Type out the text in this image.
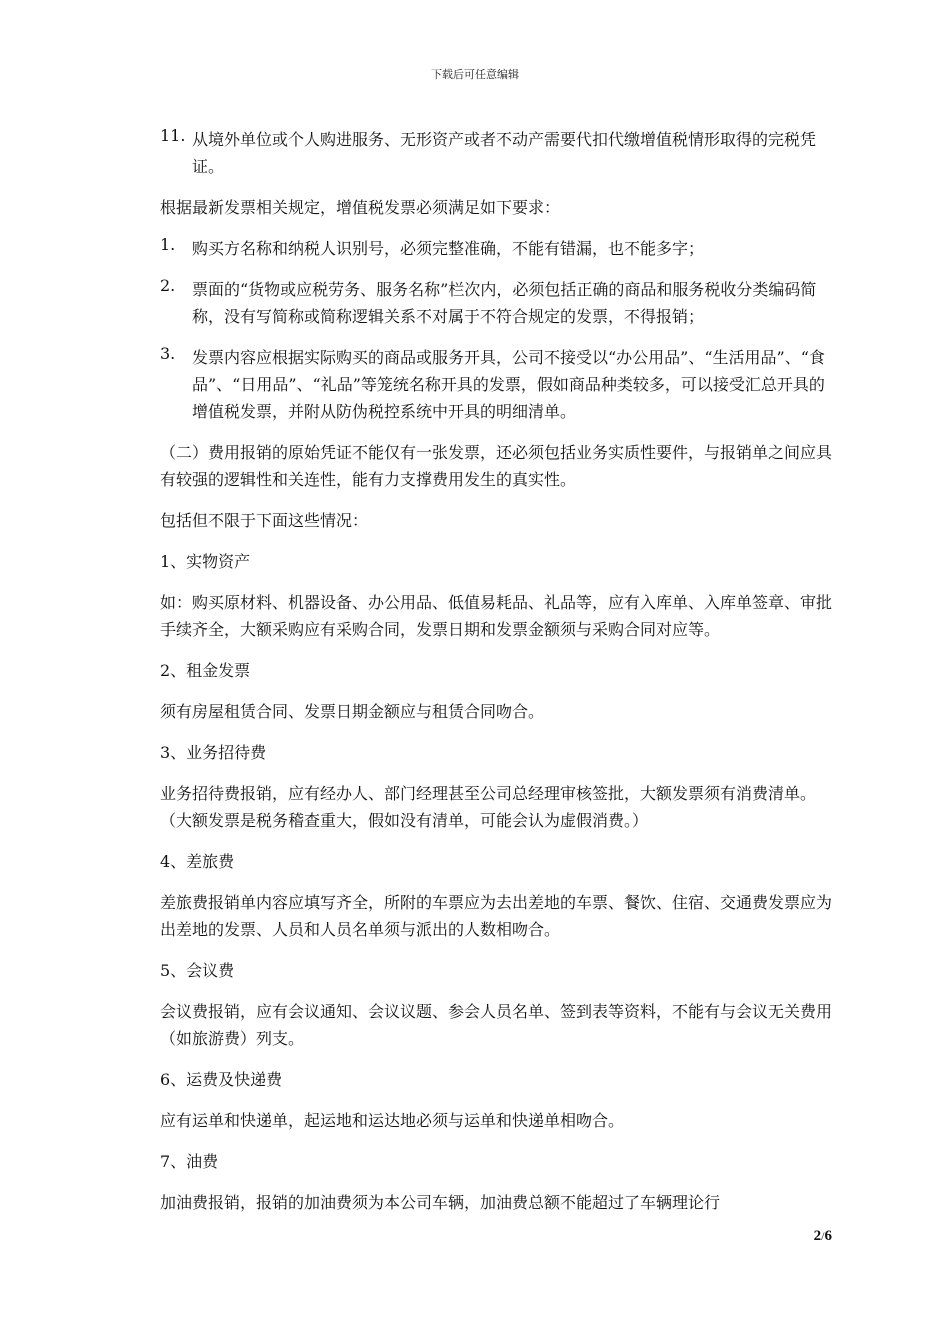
下载后可任意编辑
11. 从境外单位或个人购进服务、无形资产或者不动产需要代扣代缴增值税情形取得的完税凭证。

根据最新发票相关规定，增值税发票必须满足如下要求：

1.	购买方名称和纳税人识别号，必须完整准确，不能有错漏，也不能多字；

2.	票面的“货物或应税劳务、服务名称”栏次内，必须包括正确的商品和服务税收分类编码简称，没有写简称或简称逻辑关系不对属于不符合规定的发票，不得报销；

3.	发票内容应根据实际购买的商品或服务开具，公司不接受以“办公用品”、“生活用品”、“食品”、“日用品”、“礼品”等笼统名称开具的发票，假如商品种类较多，可以接受汇总开具的增值税发票，并附从防伪税控系统中开具的明细清单。

（二）费用报销的原始凭证不能仅有一张发票，还必须包括业务实质性要件，与报销单之间应具有较强的逻辑性和关连性，能有力支撑费用发生的真实性。

包括但不限于下面这些情况：

1、实物资产

如：购买原材料、机器设备、办公用品、低值易耗品、礼品等，应有入库单、入库单签章、审批手续齐全，大额采购应有采购合同，发票日期和发票金额须与采购合同对应等。

2、租金发票

须有房屋租赁合同、发票日期金额应与租赁合同吻合。

3、业务招待费

业务招待费报销，应有经办人、部门经理甚至公司总经理审核签批，大额发票须有消费清单。（大额发票是税务稽查重大，假如没有清单，可能会认为虚假消费。）

4、差旅费

差旅费报销单内容应填写齐全，所附的车票应为去出差地的车票、餐饮、住宿、交通费发票应为出差地的发票、人员和人员名单须与派出的人数相吻合。

5、会议费

会议费报销，应有会议通知、会议议题、参会人员名单、签到表等资料，不能有与会议无关费用（如旅游费）列支。

6、运费及快递费

应有运单和快递单，起运地和运达地必须与运单和快递单相吻合。

7、油费

加油费报销，报销的加油费须为本公司车辆，加油费总额不能超过了车辆理论行

2/6
